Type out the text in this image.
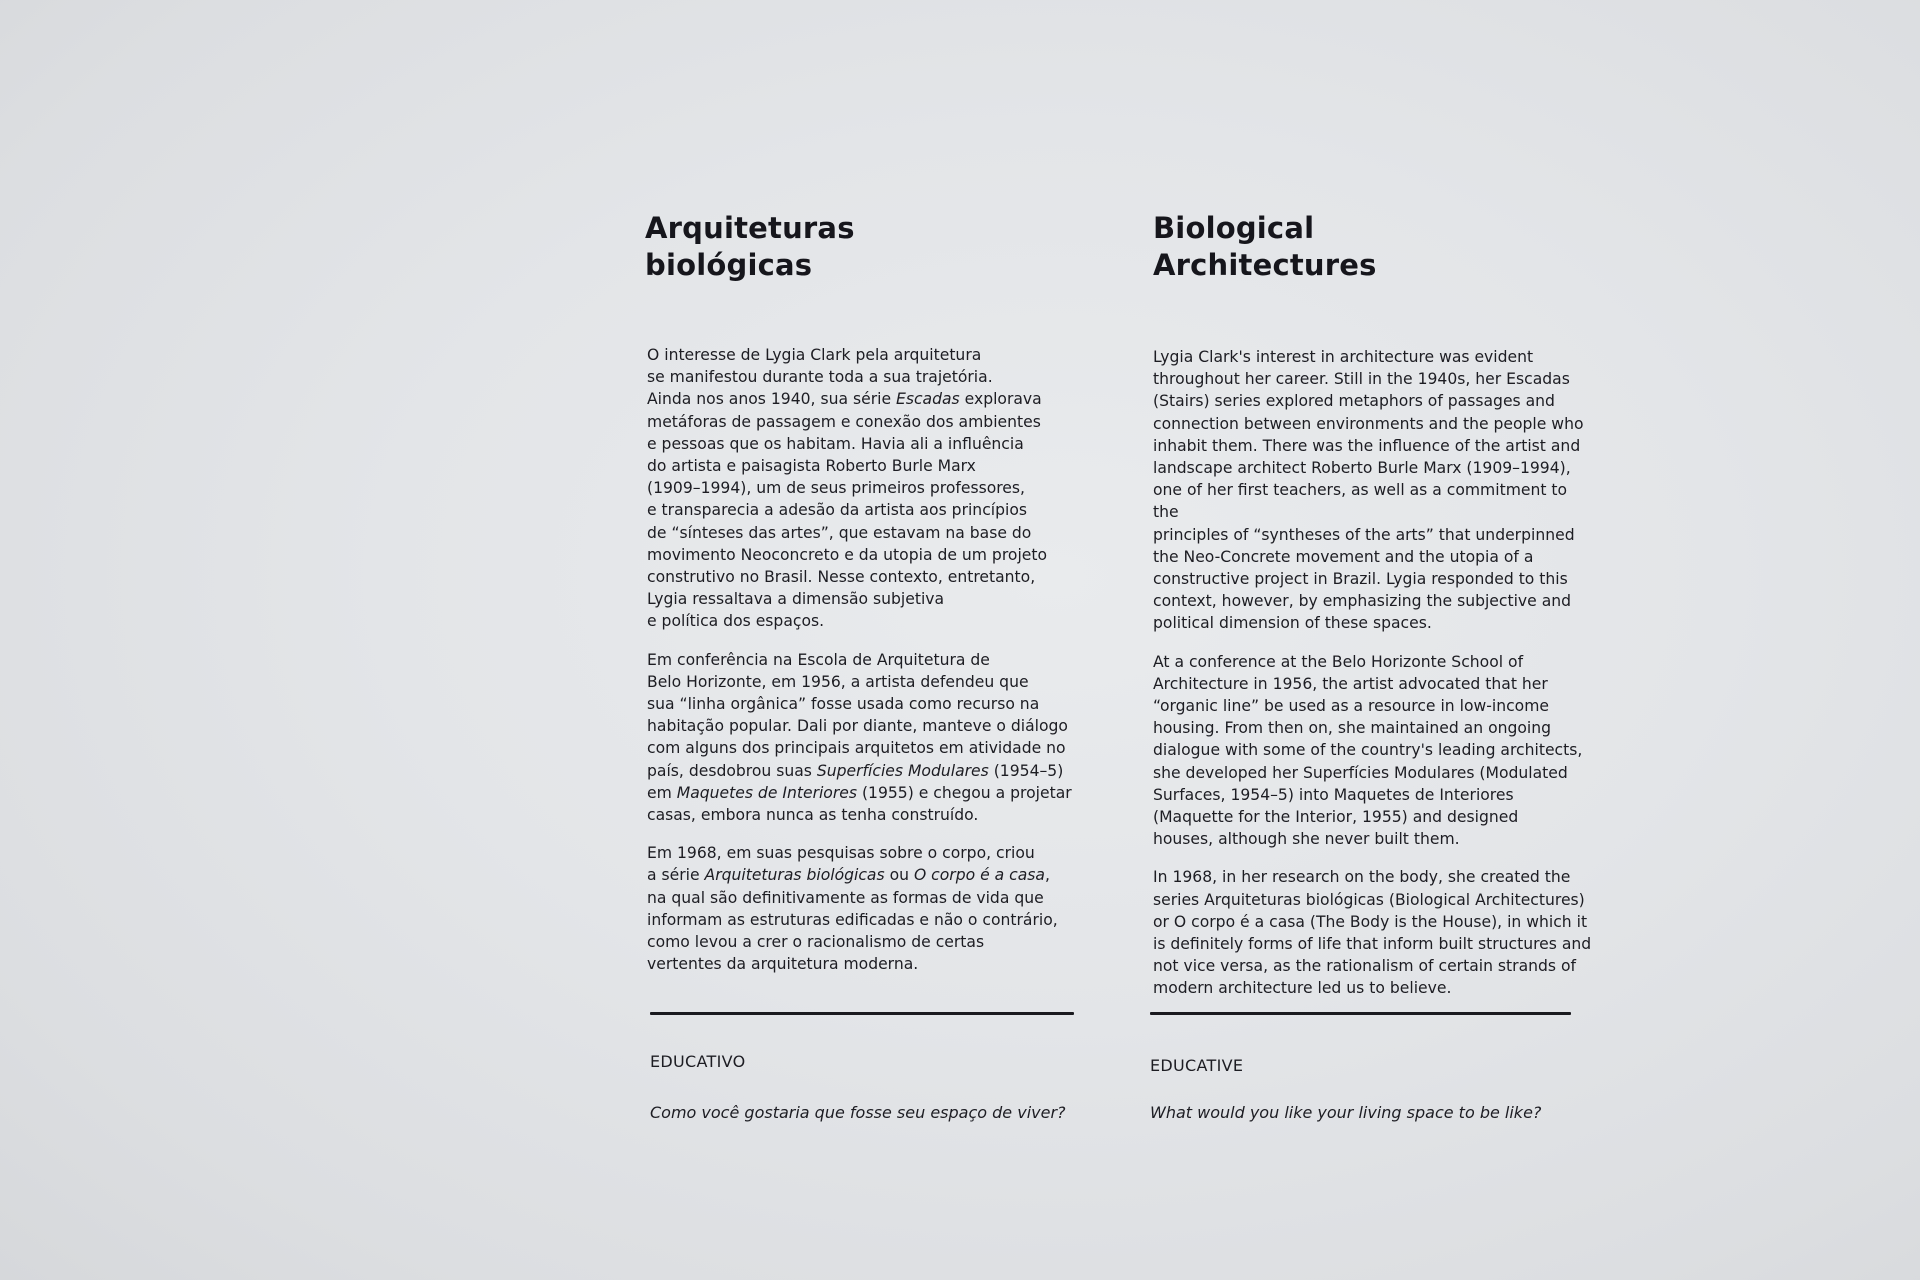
Arquiteturas
biológicas

O interesse de Lygia Clark pela arquitetura
se manifestou durante toda a sua trajetória.
Ainda nos anos 1940, sua série Escadas explorava
metáforas de passagem e conexão dos ambientes
e pessoas que os habitam. Havia ali a influência
do artista e paisagista Roberto Burle Marx
(1909–1994), um de seus primeiros professores,
e transparecia a adesão da artista aos princípios
de “sínteses das artes”, que estavam na base do
movimento Neoconcreto e da utopia de um projeto
construtivo no Brasil. Nesse contexto, entretanto,
Lygia ressaltava a dimensão subjetiva
e política dos espaços.

Em conferência na Escola de Arquitetura de
Belo Horizonte, em 1956, a artista defendeu que
sua “linha orgânica” fosse usada como recurso na
habitação popular. Dali por diante, manteve o diálogo
com alguns dos principais arquitetos em atividade no
país, desdobrou suas Superfícies Modulares (1954–5)
em Maquetes de Interiores (1955) e chegou a projetar
casas, embora nunca as tenha construído.

Em 1968, em suas pesquisas sobre o corpo, criou
a série Arquiteturas biológicas ou O corpo é a casa,
na qual são definitivamente as formas de vida que
informam as estruturas edificadas e não o contrário,
como levou a crer o racionalismo de certas
vertentes da arquitetura moderna.

EDUCATIVO

Como você gostaria que fosse seu espaço de viver?

Biological
Architectures

Lygia Clark's interest in architecture was evident
throughout her career. Still in the 1940s, her Escadas
(Stairs) series explored metaphors of passages and
connection between environments and the people who
inhabit them. There was the influence of the artist and
landscape architect Roberto Burle Marx (1909–1994),
one of her first teachers, as well as a commitment to the
principles of “syntheses of the arts” that underpinned
the Neo-Concrete movement and the utopia of a
constructive project in Brazil. Lygia responded to this
context, however, by emphasizing the subjective and
political dimension of these spaces.

At a conference at the Belo Horizonte School of
Architecture in 1956, the artist advocated that her
“organic line” be used as a resource in low-income
housing. From then on, she maintained an ongoing
dialogue with some of the country's leading architects,
she developed her Superfícies Modulares (Modulated
Surfaces, 1954–5) into Maquetes de Interiores
(Maquette for the Interior, 1955) and designed
houses, although she never built them.

In 1968, in her research on the body, she created the
series Arquiteturas biológicas (Biological Architectures)
or O corpo é a casa (The Body is the House), in which it
is definitely forms of life that inform built structures and
not vice versa, as the rationalism of certain strands of
modern architecture led us to believe.

EDUCATIVE

What would you like your living space to be like?
